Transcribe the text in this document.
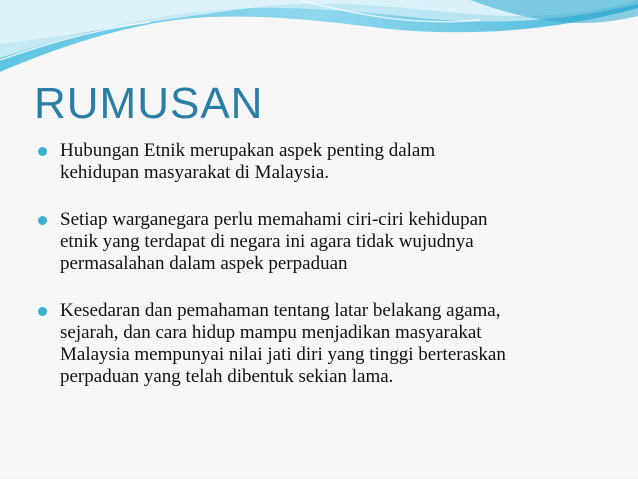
RUMUSAN
Hubungan Etnik merupakan aspek penting dalam
kehidupan masyarakat di Malaysia.
Setiap warganegara perlu memahami ciri-ciri kehidupan
etnik yang terdapat di negara ini agara tidak wujudnya
permasalahan dalam aspek perpaduan
Kesedaran dan pemahaman tentang latar belakang agama,
sejarah, dan cara hidup mampu menjadikan masyarakat
Malaysia mempunyai nilai jati diri yang tinggi berteraskan
perpaduan yang telah dibentuk sekian lama.
